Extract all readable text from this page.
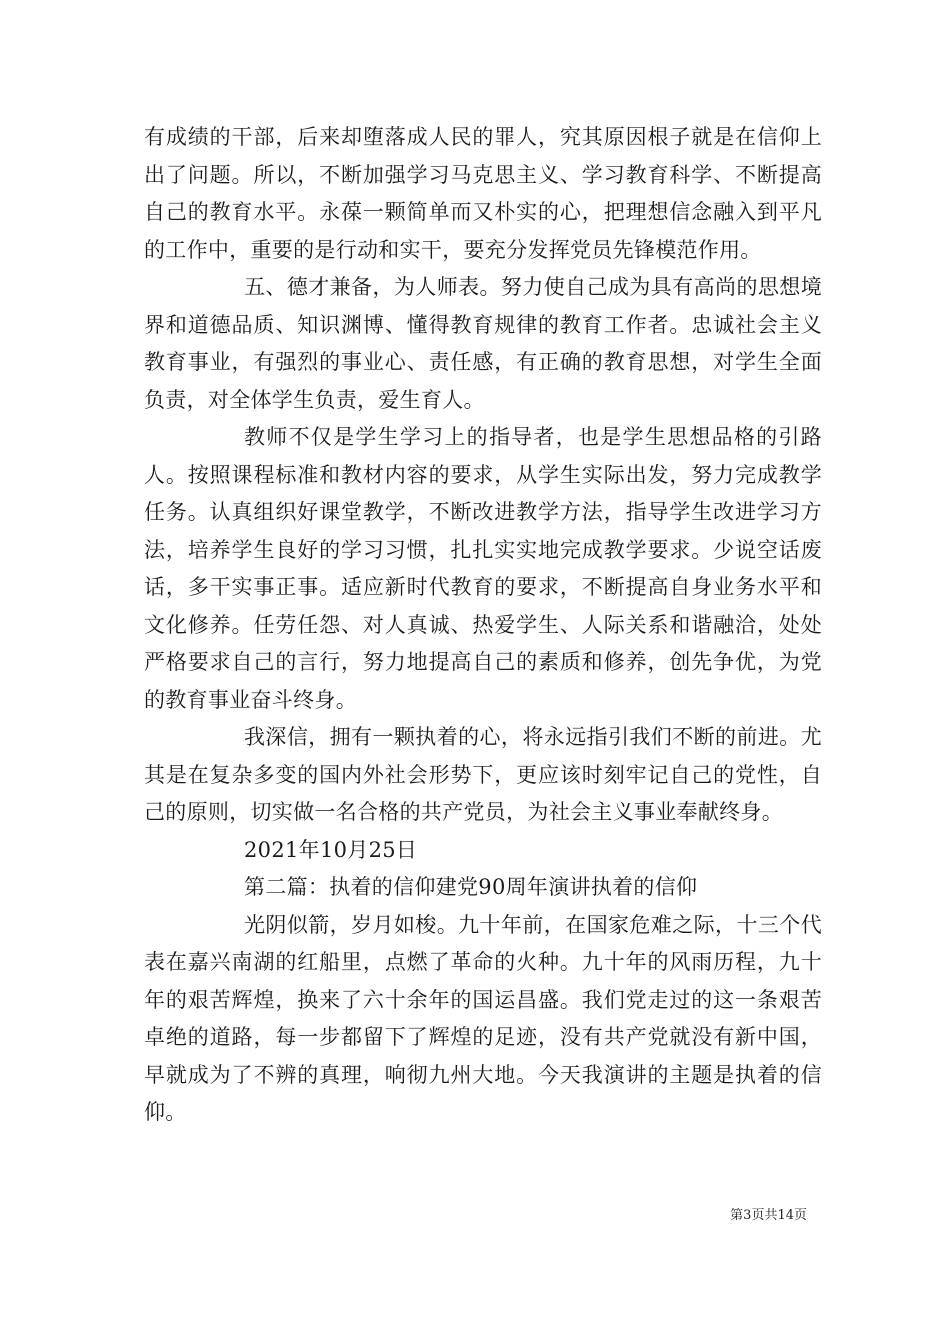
有成绩的干部，后来却堕落成人民的罪人，究其原因根子就是在信仰上出了问题。所以，不断加强学习马克思主义、学习教育科学、不断提高自己的教育水平。永葆一颗简单而又朴实的心，把理想信念融入到平凡的工作中，重要的是行动和实干，要充分发挥党员先锋模范作用。

五、德才兼备，为人师表。努力使自己成为具有高尚的思想境界和道德品质、知识渊博、懂得教育规律的教育工作者。忠诚社会主义教育事业，有强烈的事业心、责任感，有正确的教育思想，对学生全面负责，对全体学生负责，爱生育人。

教师不仅是学生学习上的指导者，也是学生思想品格的引路人。按照课程标准和教材内容的要求，从学生实际出发，努力完成教学任务。认真组织好课堂教学，不断改进教学方法，指导学生改进学习方法，培养学生良好的学习习惯，扎扎实实地完成教学要求。少说空话废话，多干实事正事。适应新时代教育的要求，不断提高自身业务水平和文化修养。任劳任怨、对人真诚、热爱学生、人际关系和谐融洽，处处严格要求自己的言行，努力地提高自己的素质和修养，创先争优，为党的教育事业奋斗终身。

我深信，拥有一颗执着的心，将永远指引我们不断的前进。尤其是在复杂多变的国内外社会形势下，更应该时刻牢记自己的党性，自己的原则，切实做一名合格的共产党员，为社会主义事业奉献终身。

2021年10月25日

第二篇：执着的信仰建党90周年演讲执着的信仰

光阴似箭，岁月如梭。九十年前，在国家危难之际，十三个代表在嘉兴南湖的红船里，点燃了革命的火种。九十年的风雨历程，九十年的艰苦辉煌，换来了六十余年的国运昌盛。我们党走过的这一条艰苦卓绝的道路，每一步都留下了辉煌的足迹，没有共产党就没有新中国，早就成为了不辨的真理，响彻九州大地。今天我演讲的主题是执着的信仰。

第3页共14页
